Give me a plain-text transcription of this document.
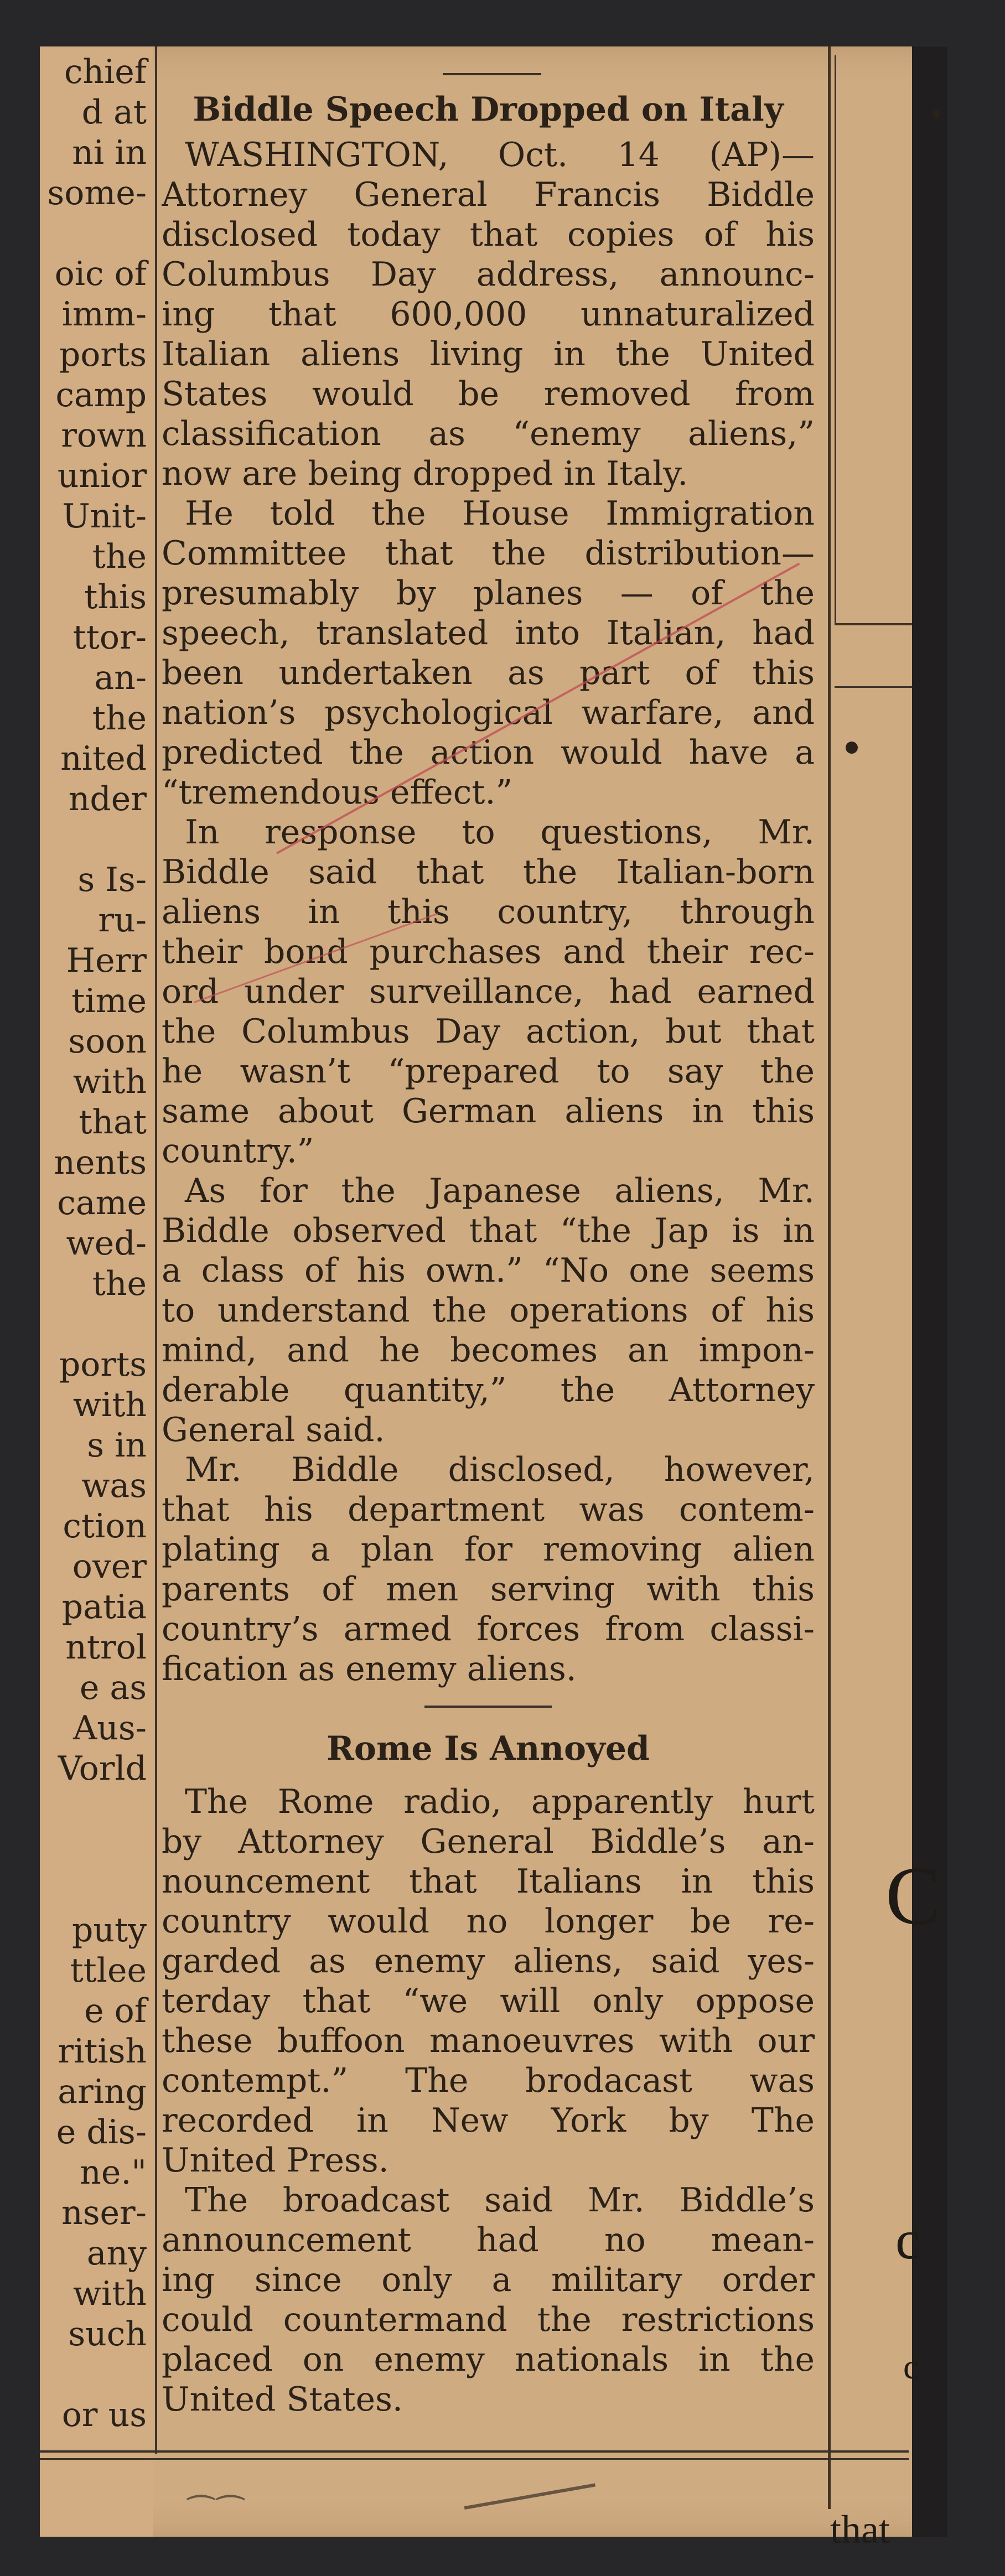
chief
d at
ni in
some-
oic of
imm-
ports
camp
rown
unior
Unit-
the
this
ttor-
an-
the
nited
nder
s Is-
ru-
Herr
time
soon
with
that
nents
came
wed-
the
ports
with
s in
was
ction
over
patia
ntrol
e as
Aus-
Vorld
puty
ttlee
e of
ritish
aring
e dis-
ne."
nser-
any
with
such
or us
Biddle Speech Dropped on Italy
WASHINGTON, Oct. 14 (AP)—
Attorney General Francis Biddle
disclosed today that copies of his
Columbus Day address, announc-
ing that 600,000 unnaturalized
Italian aliens living in the United
States would be removed from
classification as “enemy aliens,”
now are being dropped in Italy.
He told the House Immigration
Committee that the distribution—
presumably by planes — of the
speech, translated into Italian, had
been undertaken as part of this
nation’s psychological warfare, and
predicted the action would have a
“tremendous effect.”
In response to questions, Mr.
Biddle said that the Italian-born
aliens in this country, through
their bond purchases and their rec-
ord under surveillance, had earned
the Columbus Day action, but that
he wasn’t “prepared to say the
same about German aliens in this
country.”
As for the Japanese aliens, Mr.
Biddle observed that “the Jap is in
a class of his own.” “No one seems
to understand the operations of his
mind, and he becomes an impon-
derable quantity,” the Attorney
General said.
Mr. Biddle disclosed, however,
that his department was contem-
plating a plan for removing alien
parents of men serving with this
country’s armed forces from classi-
fication as enemy aliens.
Rome Is Annoyed
The Rome radio, apparently hurt
by Attorney General Biddle’s an-
nouncement that Italians in this
country would no longer be re-
garded as enemy aliens, said yes-
terday that “we will only oppose
these buffoon manoeuvres with our
contempt.” The brodacast was
recorded in New York by The
United Press.
The broadcast said Mr. Biddle’s
announcement had no mean-
ing since only a military order
could countermand the restrictions
placed on enemy nationals in the
United States.
⁀ ⁀
C
c
c
that
